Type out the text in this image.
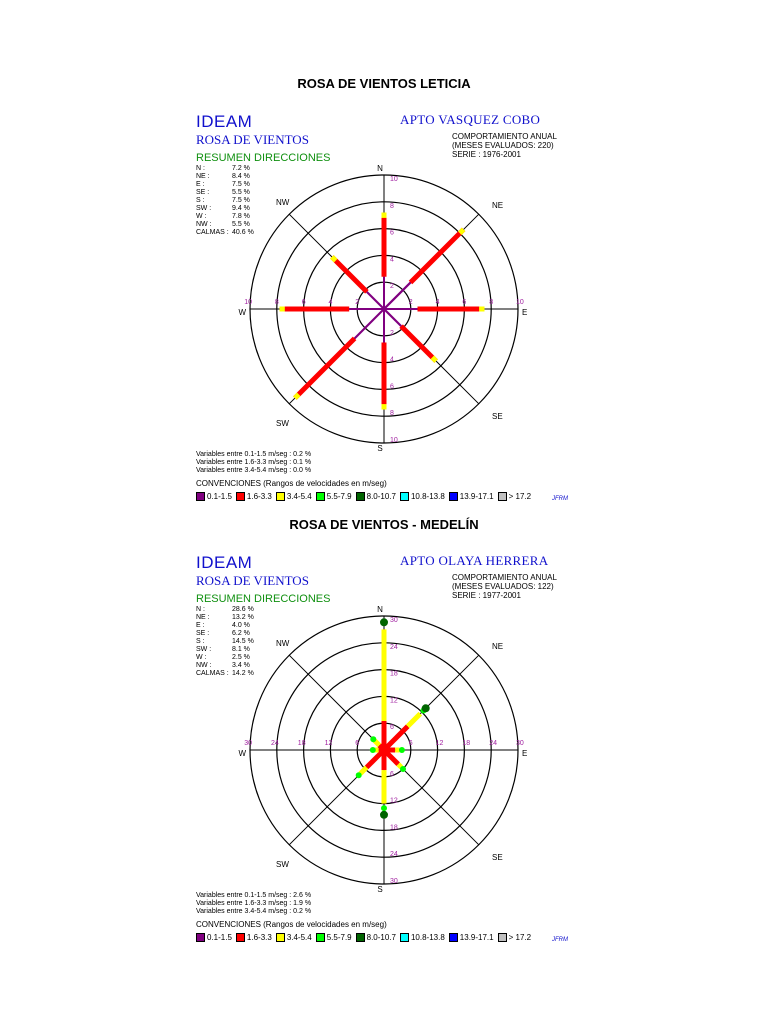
ROSA DE VIENTOS LETICIA
N
NE
E
SE
S
SW
W
NW
2
2
2	2
4
4
4	4
6
6
6	6
8
8
8	8
10
10
10	10
IDEAM
ROSA DE VIENTOS
APTO VASQUEZ COBO
COMPORTAMIENTO ANUAL
(MESES EVALUADOS: 220)
SERIE : 1976-2001
RESUMEN DIRECCIONES
N :	7.2 %
NE :	8.4 %
E :	7.5 %
SE :	5.5 %
S :	7.5 %
SW :	9.4 %
W :	7.8 %
NW :	5.5 %
CALMAS : 40.6 %
Variables entre 0.1-1.5 m/seg : 0.2 %
Variables entre 1.6-3.3 m/seg : 0.1 %
Variables entre 3.4-5.4 m/seg : 0.0 %
CONVENCIONES (Rangos de velocidades en m/seg)
0.1-1.5 1.6-3.3 3.4-5.4 5.5-7.9 8.0-10.7 10.8-13.8 13.9-17.1 > 17.2	JFRM
ROSA DE VIENTOS - MEDELÍN
N
NE
E
SE
S
SW
W
NW
6
6
6	6
12
12
12	12
18
18
18	18
24
24
24	24
30
30
30	30
IDEAM
ROSA DE VIENTOS
APTO OLAYA HERRERA
COMPORTAMIENTO ANUAL
(MESES EVALUADOS: 122)
SERIE : 1977-2001
RESUMEN DIRECCIONES
N :	28.6 %
NE :	13.2 %
E :	4.0 %
SE :	6.2 %
S :	14.5 %
SW :	8.1 %
W :	2.5 %
NW :	3.4 %
CALMAS : 14.2 %
Variables entre 0.1-1.5 m/seg : 2.6 %
Variables entre 1.6-3.3 m/seg : 1.9 %
Variables entre 3.4-5.4 m/seg : 0.2 %
CONVENCIONES (Rangos de velocidades en m/seg)
0.1-1.5 1.6-3.3 3.4-5.4 5.5-7.9 8.0-10.7 10.8-13.8 13.9-17.1 > 17.2	JFRM
